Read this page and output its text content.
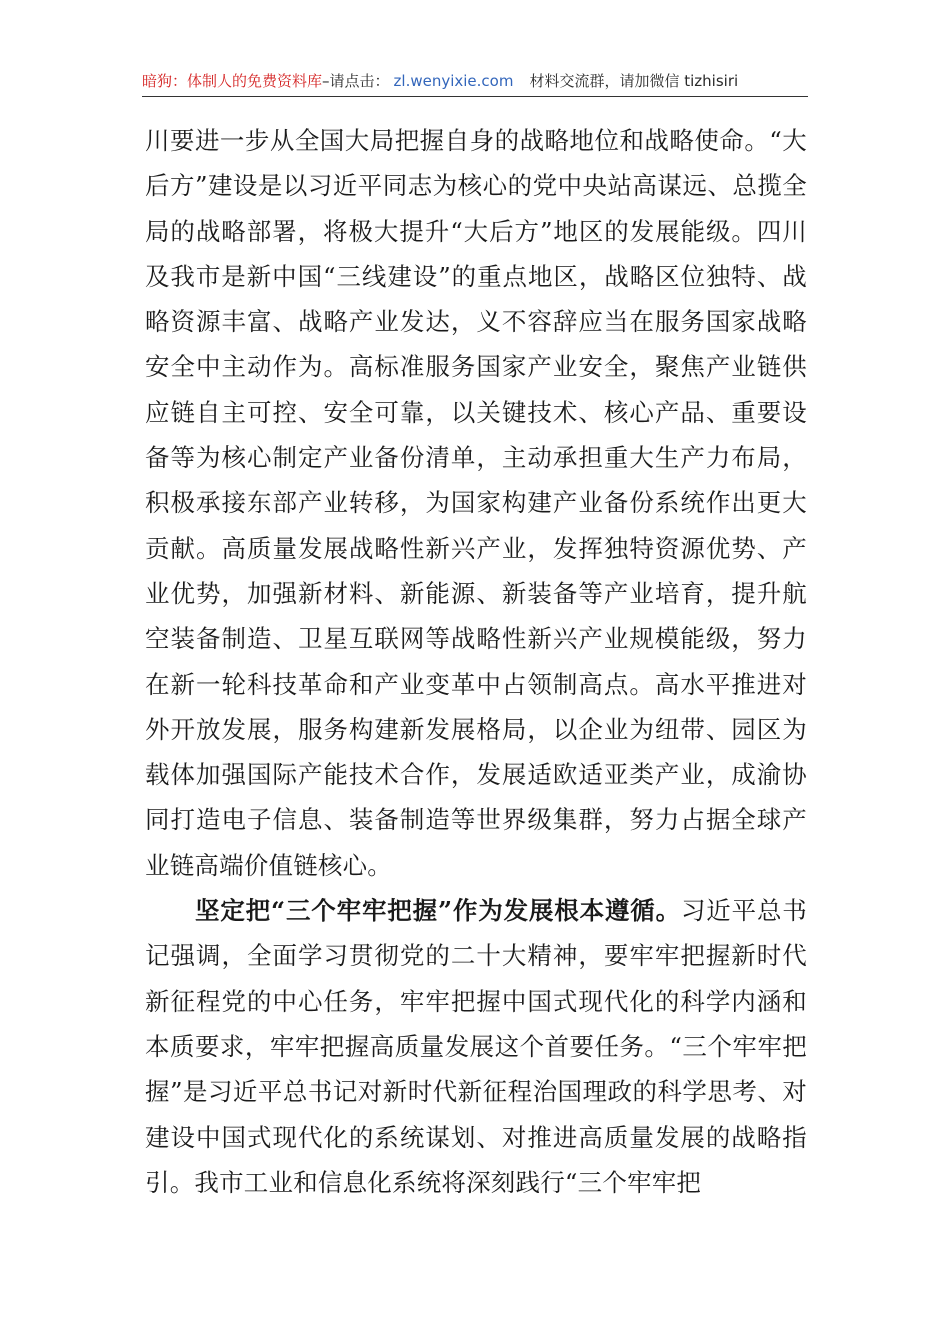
暗狗：体制人的免费资料库–请点击： zl.wenyixie.com 材料交流群，请加微信 tizhisiri

川要进一步从全国大局把握自身的战略地位和战略使命。“大后方”建设是以习近平同志为核心的党中央站高谋远、总揽全局的战略部署，将极大提升“大后方”地区的发展能级。四川及我市是新中国“三线建设”的重点地区，战略区位独特、战略资源丰富、战略产业发达，义不容辞应当在服务国家战略安全中主动作为。高标准服务国家产业安全，聚焦产业链供应链自主可控、安全可靠，以关键技术、核心产品、重要设备等为核心制定产业备份清单，主动承担重大生产力布局，积极承接东部产业转移，为国家构建产业备份系统作出更大贡献。高质量发展战略性新兴产业，发挥独特资源优势、产业优势，加强新材料、新能源、新装备等产业培育，提升航空装备制造、卫星互联网等战略性新兴产业规模能级，努力在新一轮科技革命和产业变革中占领制高点。高水平推进对外开放发展，服务构建新发展格局，以企业为纽带、园区为载体加强国际产能技术合作，发展适欧适亚类产业，成渝协同打造电子信息、装备制造等世界级集群，努力占据全球产业链高端价值链核心。

坚定把“三个牢牢把握”作为发展根本遵循。习近平总书记强调，全面学习贯彻党的二十大精神，要牢牢把握新时代新征程党的中心任务，牢牢把握中国式现代化的科学内涵和本质要求，牢牢把握高质量发展这个首要任务。“三个牢牢把握”是习近平总书记对新时代新征程治国理政的科学思考、对建设中国式现代化的系统谋划、对推进高质量发展的战略指引。我市工业和信息化系统将深刻践行“三个牢牢把
